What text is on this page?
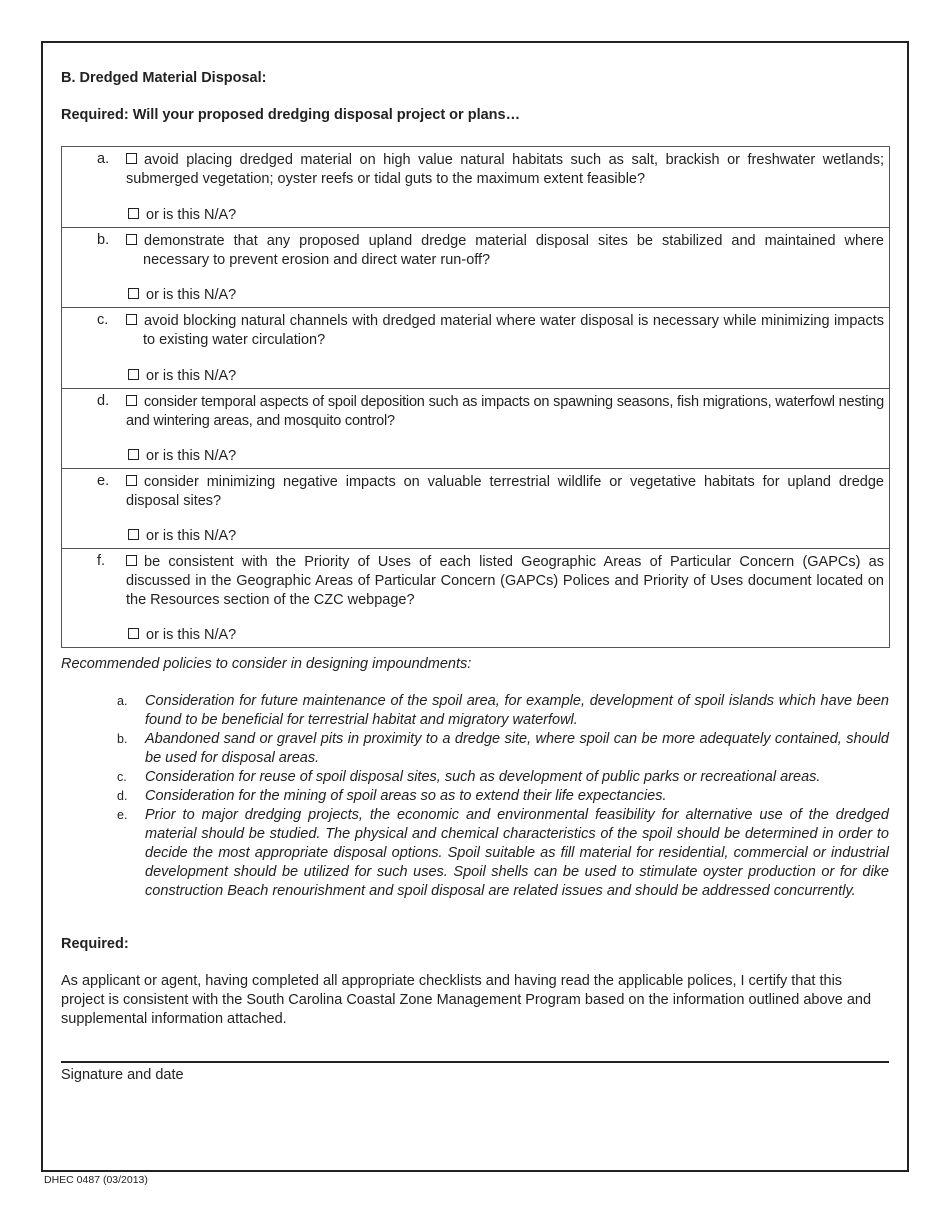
B. Dredged Material Disposal:
Required: Will your proposed dredging disposal project or plans…
a.	avoid placing dredged material on high value natural habitats such as salt, brackish or freshwater wetlands; submerged vegetation; oyster reefs or tidal guts to the maximum extent feasible?
or is this N/A?
b.	demonstrate that any proposed upland dredge material disposal sites be stabilized and maintained where necessary to prevent erosion and direct water run-off?
or is this N/A?
c.	avoid blocking natural channels with dredged material where water disposal is necessary while minimizing impacts to existing water circulation?
or is this N/A?
d.	consider temporal aspects of spoil deposition such as impacts on spawning seasons, fish migrations, waterfowl nesting and wintering areas, and mosquito control?
or is this N/A?
e.	consider minimizing negative impacts on valuable terrestrial wildlife or vegetative habitats for upland dredge disposal sites?
or is this N/A?
f.	be consistent with the Priority of Uses of each listed Geographic Areas of Particular Concern (GAPCs) as discussed in the Geographic Areas of Particular Concern (GAPCs) Polices and Priority of Uses document located on the Resources section of the CZC webpage?
or is this N/A?
Recommended policies to consider in designing impoundments:
a. Consideration for future maintenance of the spoil area, for example, development of spoil islands which have been found to be beneficial for terrestrial habitat and migratory waterfowl.
b. Abandoned sand or gravel pits in proximity to a dredge site, where spoil can be more adequately contained, should be used for disposal areas.
c. Consideration for reuse of spoil disposal sites, such as development of public parks or recreational areas.
d. Consideration for the mining of spoil areas so as to extend their life expectancies.
e. Prior to major dredging projects, the economic and environmental feasibility for alternative use of the dredged material should be studied. The physical and chemical characteristics of the spoil should be determined in order to decide the most appropriate disposal options. Spoil suitable as fill material for residential, commercial or industrial development should be utilized for such uses. Spoil shells can be used to stimulate oyster production or for dike construction Beach renourishment and spoil disposal are related issues and should be addressed concurrently.
Required:
As applicant or agent, having completed all appropriate checklists and having read the applicable polices, I certify that this project is consistent with the South Carolina Coastal Zone Management Program based on the information outlined above and supplemental information attached.
Signature and date
DHEC 0487 (03/2013)
